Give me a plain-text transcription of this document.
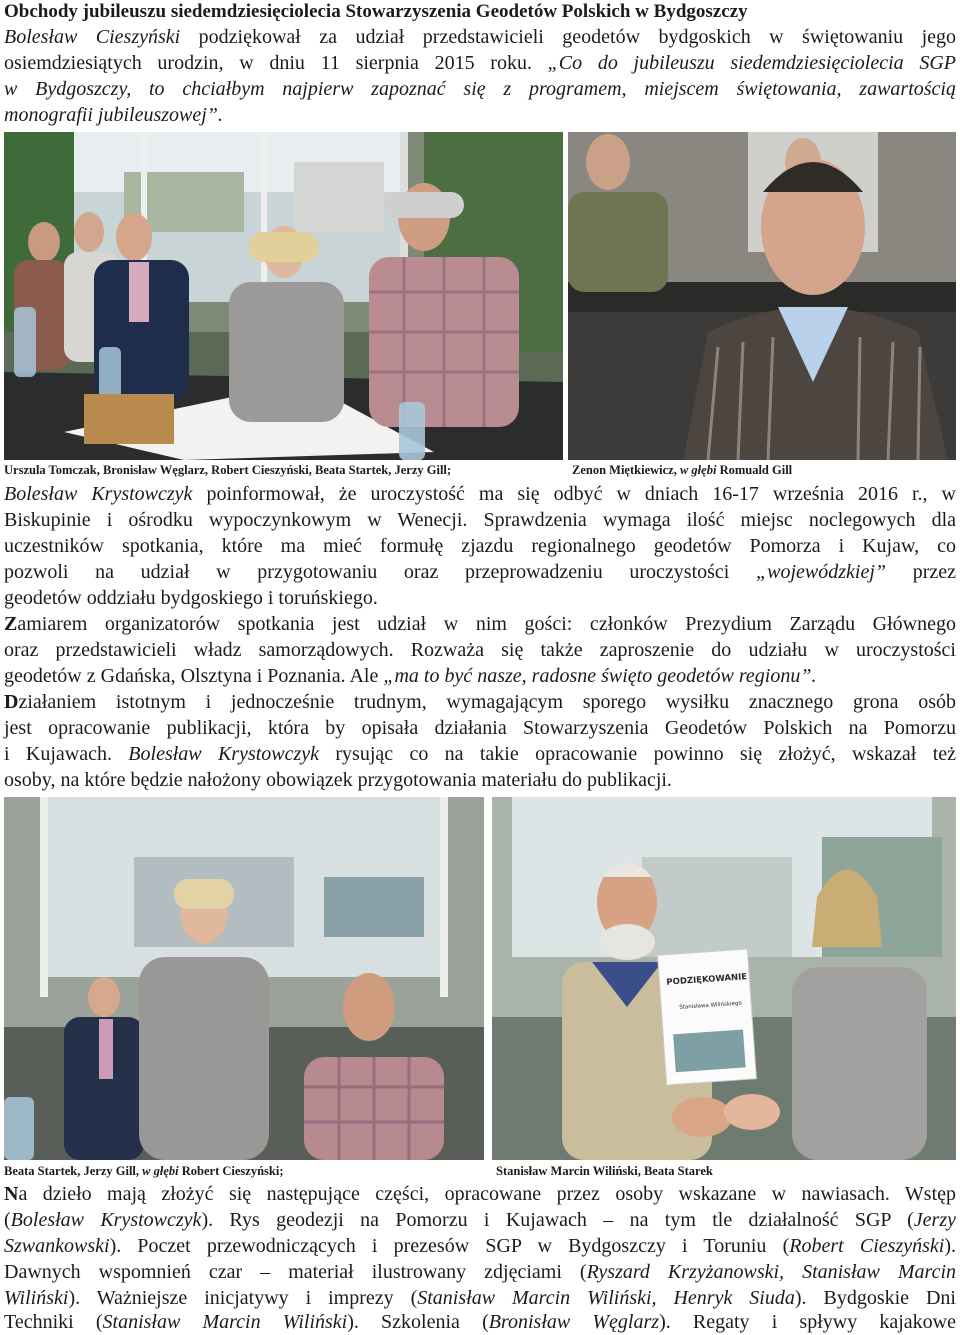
Obchody jubileuszu siedemdziesięciolecia Stowarzyszenia Geodetów Polskich w Bydgoszczy
Bolesław Cieszyński podziękował za udział przedstawicieli geodetów bydgoskich w świętowaniu jego
osiemdziesiątych urodzin, w dniu 11 sierpnia 2015 roku. „Co do jubileuszu siedemdziesięciolecia SGP
w Bydgoszczy, to chciałbym najpierw zapoznać się z programem, miejscem świętowania, zawartością
monografii jubileuszowej”.
Urszula Tomczak, Bronisław Węglarz, Robert Cieszyński, Beata Startek, Jerzy Gill;	Zenon Miętkiewicz, w głębi Romuald Gill
Bolesław Krystowczyk poinformował, że uroczystość ma się odbyć w dniach 16-17 września 2016 r., w
Biskupinie i ośrodku wypoczynkowym w Wenecji. Sprawdzenia wymaga ilość miejsc noclegowych dla
uczestników spotkania, które ma mieć formułę zjazdu regionalnego geodetów Pomorza i Kujaw, co
pozwoli na udział w przygotowaniu oraz przeprowadzeniu uroczystości „wojewódzkiej” przez
geodetów oddziału bydgoskiego i toruńskiego.
Zamiarem organizatorów spotkania jest udział w nim gości: członków Prezydium Zarządu Głównego
oraz przedstawicieli władz samorządowych. Rozważa się także zaproszenie do udziału w uroczystości
geodetów z Gdańska, Olsztyna i Poznania. Ale „ma to być nasze, radosne święto geodetów regionu”.
Działaniem istotnym i jednocześnie trudnym, wymagającym sporego wysiłku znacznego grona osób
jest opracowanie publikacji, która by opisała działania Stowarzyszenia Geodetów Polskich na Pomorzu
i Kujawach. Bolesław Krystowczyk rysując co na takie opracowanie powinno się złożyć, wskazał też
osoby, na które będzie nałożony obowiązek przygotowania materiału do publikacji.
PODZIĘKOWANIE
Stanisława Wilińskiego
Beata Startek, Jerzy Gill, w głębi Robert Cieszyński;	Stanisław Marcin Wiliński, Beata Starek
Na dzieło mają złożyć się następujące części, opracowane przez osoby wskazane w nawiasach. Wstęp
(Bolesław Krystowczyk). Rys geodezji na Pomorzu i Kujawach – na tym tle działalność SGP (Jerzy
Szwankowski). Poczet przewodniczących i prezesów SGP w Bydgoszczy i Toruniu (Robert Cieszyński).
Dawnych wspomnień czar – materiał ilustrowany zdjęciami (Ryszard Krzyżanowski, Stanisław Marcin
Wiliński). Ważniejsze inicjatywy i imprezy (Stanisław Marcin Wiliński, Henryk Siuda). Bydgoskie Dni
Techniki (Stanisław Marcin Wiliński). Szkolenia (Bronisław Węglarz). Regaty i spływy kajakowe
